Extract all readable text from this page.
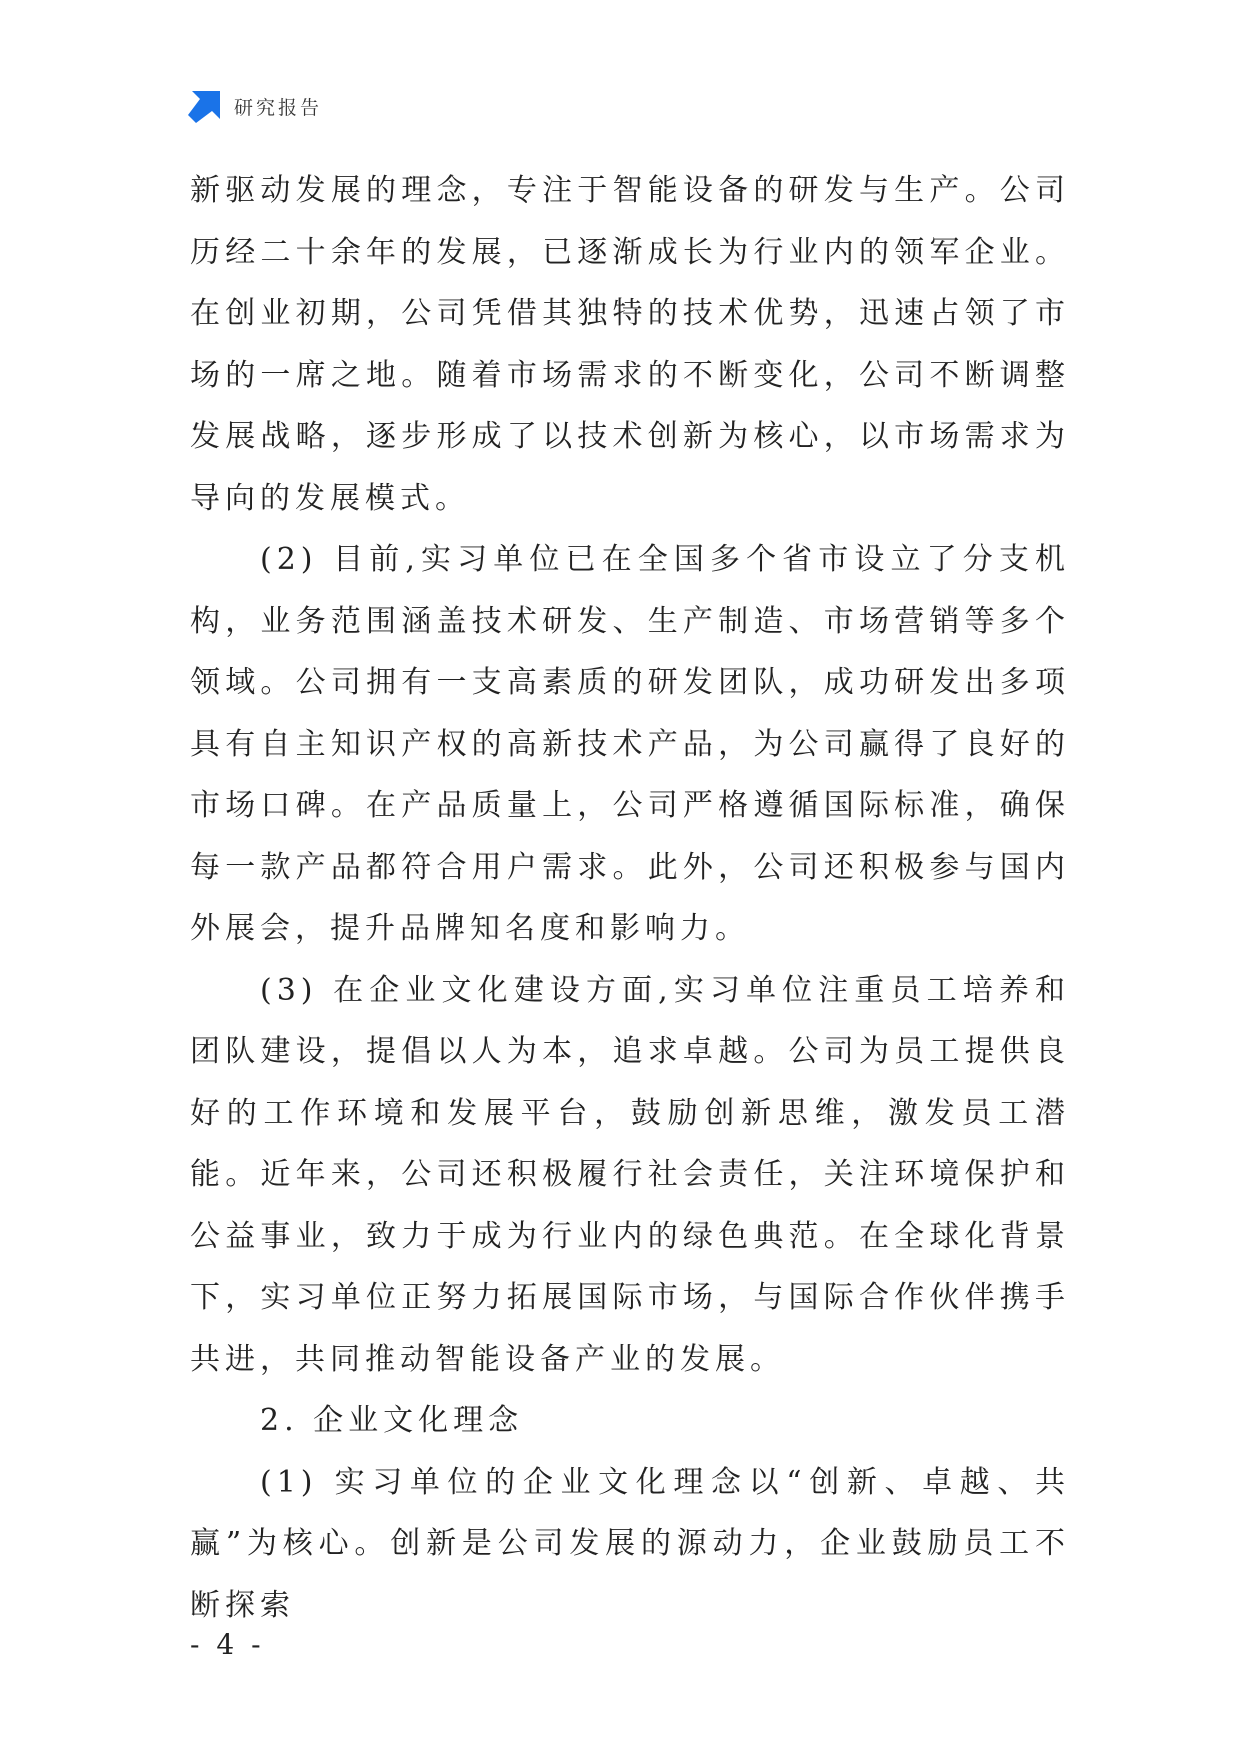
研究报告

新驱动发展的理念，专注于智能设备的研发与生产。公司历经二十余年的发展，已逐渐成长为行业内的领军企业。在创业初期，公司凭借其独特的技术优势，迅速占领了市场的一席之地。随着市场需求的不断变化，公司不断调整发展战略，逐步形成了以技术创新为核心，以市场需求为导向的发展模式。

(2) 目前,实习单位已在全国多个省市设立了分支机构，业务范围涵盖技术研发、生产制造、市场营销等多个领域。公司拥有一支高素质的研发团队，成功研发出多项具有自主知识产权的高新技术产品，为公司赢得了良好的市场口碑。在产品质量上，公司严格遵循国际标准，确保每一款产品都符合用户需求。此外，公司还积极参与国内外展会，提升品牌知名度和影响力。

(3) 在企业文化建设方面,实习单位注重员工培养和团队建设，提倡以人为本，追求卓越。公司为员工提供良好的工作环境和发展平台，鼓励创新思维，激发员工潜能。近年来，公司还积极履行社会责任，关注环境保护和公益事业，致力于成为行业内的绿色典范。在全球化背景下，实习单位正努力拓展国际市场，与国际合作伙伴携手共进，共同推动智能设备产业的发展。

2. 企业文化理念

(1) 实习单位的企业文化理念以“创新、卓越、共赢”为核心。创新是公司发展的源动力，企业鼓励员工不断探索

- 4 -
